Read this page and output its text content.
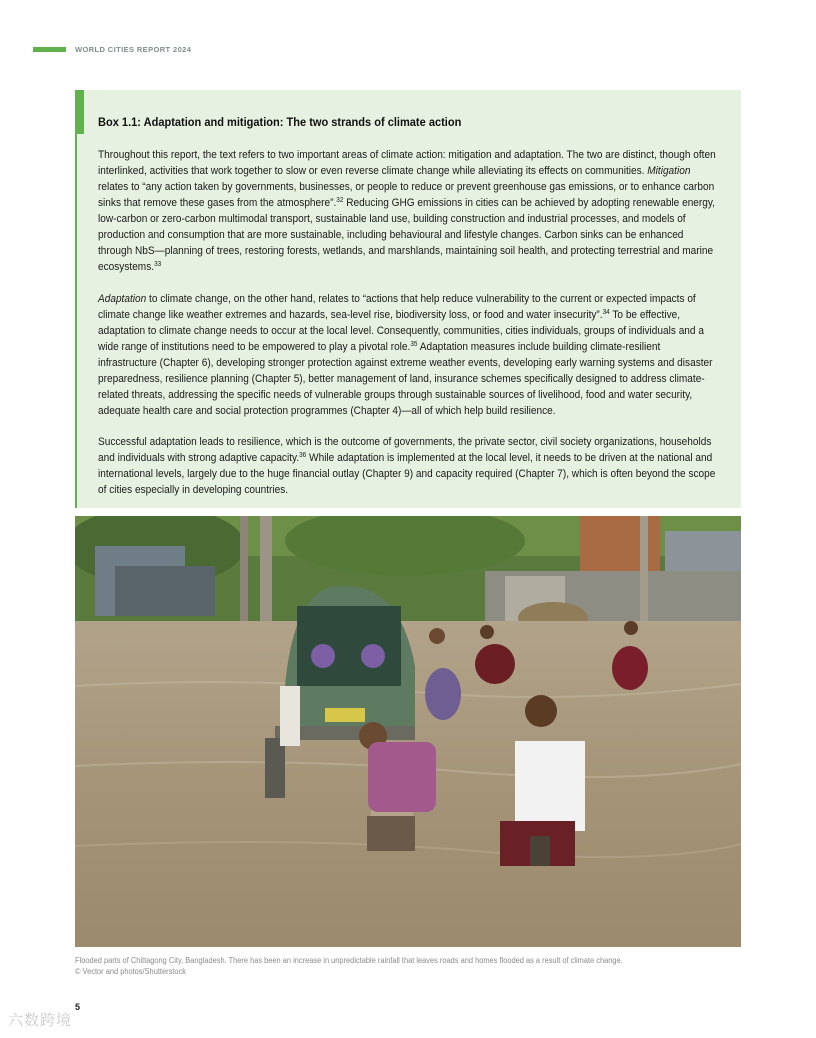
WORLD CITIES REPORT 2024
Box 1.1: Adaptation and mitigation: The two strands of climate action

Throughout this report, the text refers to two important areas of climate action: mitigation and adaptation. The two are distinct, though often interlinked, activities that work together to slow or even reverse climate change while alleviating its effects on communities. Mitigation relates to “any action taken by governments, businesses, or people to reduce or prevent greenhouse gas emissions, or to enhance carbon sinks that remove these gases from the atmosphere”.$^{32}$ Reducing GHG emissions in cities can be achieved by adopting renewable energy, low-carbon or zero-carbon multimodal transport, sustainable land use, building construction and industrial processes, and models of production and consumption that are more sustainable, including behavioural and lifestyle changes. Carbon sinks can be enhanced through NbS—planning of trees, restoring forests, wetlands, and marshlands, maintaining soil health, and protecting terrestrial and marine ecosystems.$^{33}$

Adaptation to climate change, on the other hand, relates to “actions that help reduce vulnerability to the current or expected impacts of climate change like weather extremes and hazards, sea-level rise, biodiversity loss, or food and water insecurity”.$^{34}$ To be effective, adaptation to climate change needs to occur at the local level. Consequently, communities, cities individuals, groups of individuals and a wide range of institutions need to be empowered to play a pivotal role.$^{35}$ Adaptation measures include building climate-resilient infrastructure (Chapter 6), developing stronger protection against extreme weather events, developing early warning systems and disaster preparedness, resilience planning (Chapter 5), better management of land, insurance schemes specifically designed to address climate-related threats, addressing the specific needs of vulnerable groups through sustainable sources of livelihood, food and water security, adequate health care and social protection programmes (Chapter 4)—all of which help build resilience.

Successful adaptation leads to resilience, which is the outcome of governments, the private sector, civil society organizations, households and individuals with strong adaptive capacity.$^{36}$ While adaptation is implemented at the local level, it needs to be driven at the national and international levels, largely due to the huge financial outlay (Chapter 9) and capacity required (Chapter 7), which is often beyond the scope of cities especially in developing countries.

Flooded parts of Chittagong City, Bangladesh. There has been an increase in unpredictable rainfall that leaves roads and homes flooded as a result of climate change.
© Vector and photos/Shutterstock
5
六数跨境
